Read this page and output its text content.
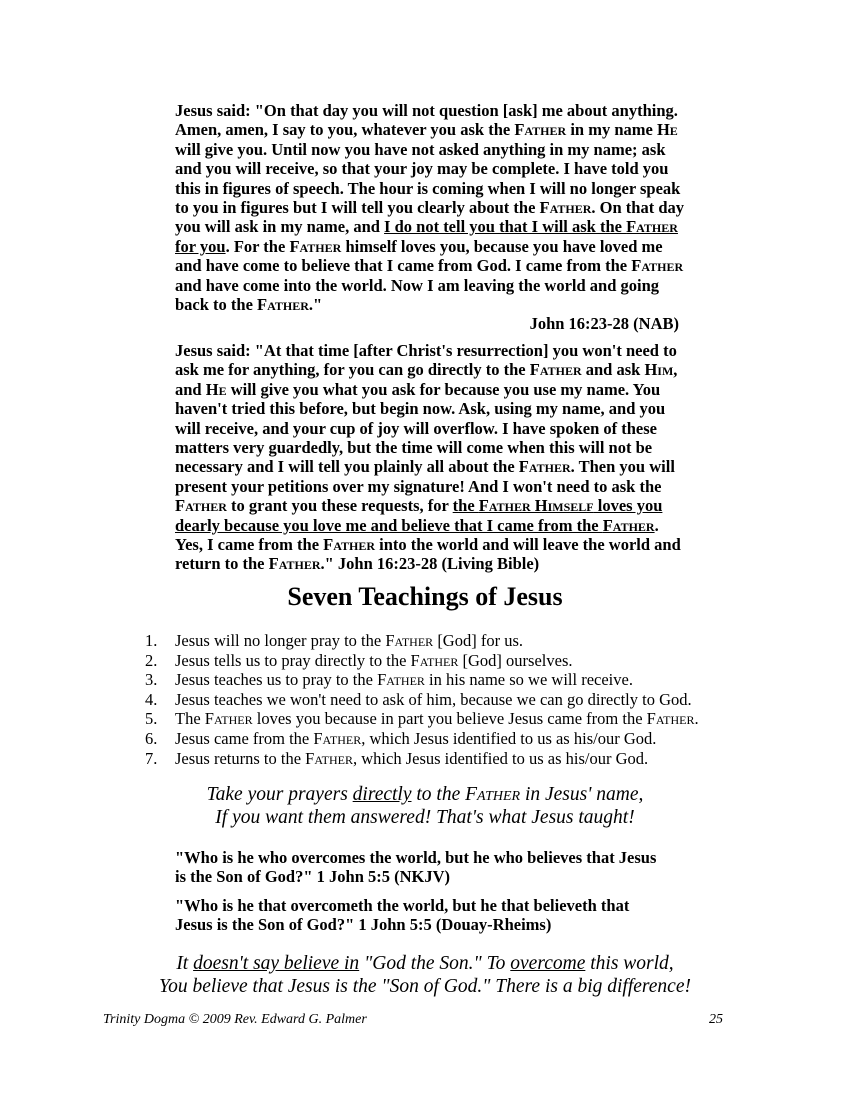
Jesus said: "On that day you will not question [ask] me about anything. Amen, amen, I say to you, whatever you ask the Father in my name He will give you. Until now you have not asked anything in my name; ask and you will receive, so that your joy may be complete. I have told you this in figures of speech. The hour is coming when I will no longer speak to you in figures but I will tell you clearly about the Father. On that day you will ask in my name, and I do not tell you that I will ask the Father for you. For the Father himself loves you, because you have loved me and have come to believe that I came from God. I came from the Father and have come into the world. Now I am leaving the world and going back to the Father."

John 16:23-28 (NAB)

Jesus said: "At that time [after Christ's resurrection] you won't need to ask me for anything, for you can go directly to the Father and ask Him, and He will give you what you ask for because you use my name. You haven't tried this before, but begin now. Ask, using my name, and you will receive, and your cup of joy will overflow. I have spoken of these matters very guardedly, but the time will come when this will not be necessary and I will tell you plainly all about the Father. Then you will present your petitions over my signature! And I won't need to ask the Father to grant you these requests, for the Father Himself loves you dearly because you love me and believe that I came from the Father. Yes, I came from the Father into the world and will leave the world and return to the Father." John 16:23-28 (Living Bible)

Seven Teachings of Jesus
1.	Jesus will no longer pray to the Father [God] for us.
2.	Jesus tells us to pray directly to the Father [God] ourselves.
3.	Jesus teaches us to pray to the Father in his name so we will receive.
4.	Jesus teaches we won't need to ask of him, because we can go directly to God.
5.	The Father loves you because in part you believe Jesus came from the Father.
6.	Jesus came from the Father, which Jesus identified to us as his/our God.
7.	Jesus returns to the Father, which Jesus identified to us as his/our God.
Take your prayers directly to the Father in Jesus' name,
If you want them answered! That's what Jesus taught!
"Who is he who overcomes the world, but he who believes that Jesus
is the Son of God?" 1 John 5:5 (NKJV)
"Who is he that overcometh the world, but he that believeth that
Jesus is the Son of God?" 1 John 5:5 (Douay-Rheims)
It doesn't say believe in "God the Son." To overcome this world,
You believe that Jesus is the "Son of God." There is a big difference!
Trinity Dogma © 2009 Rev. Edward G. Palmer	25
